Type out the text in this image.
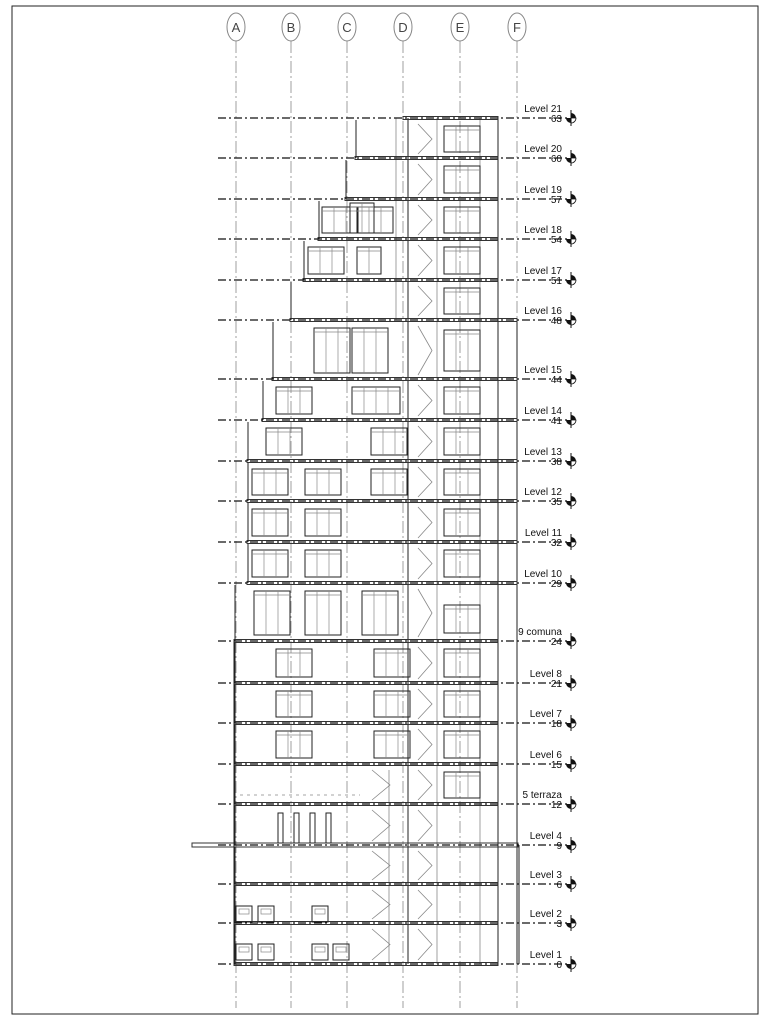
A	B	C	D	E	F
Level 21
63
Level 20
60
Level 19
57
Level 18
54
Level 17
51
Level 16
48
Level 15
44
Level 14
41
Level 13
38
Level 12
35
Level 11
32
Level 10
29
9 comuna
24
Level 8
21
Level 7
18
Level 6
15
5 terraza
12
Level 4
9
Level 3
6
Level 2
3
Level 1
0
